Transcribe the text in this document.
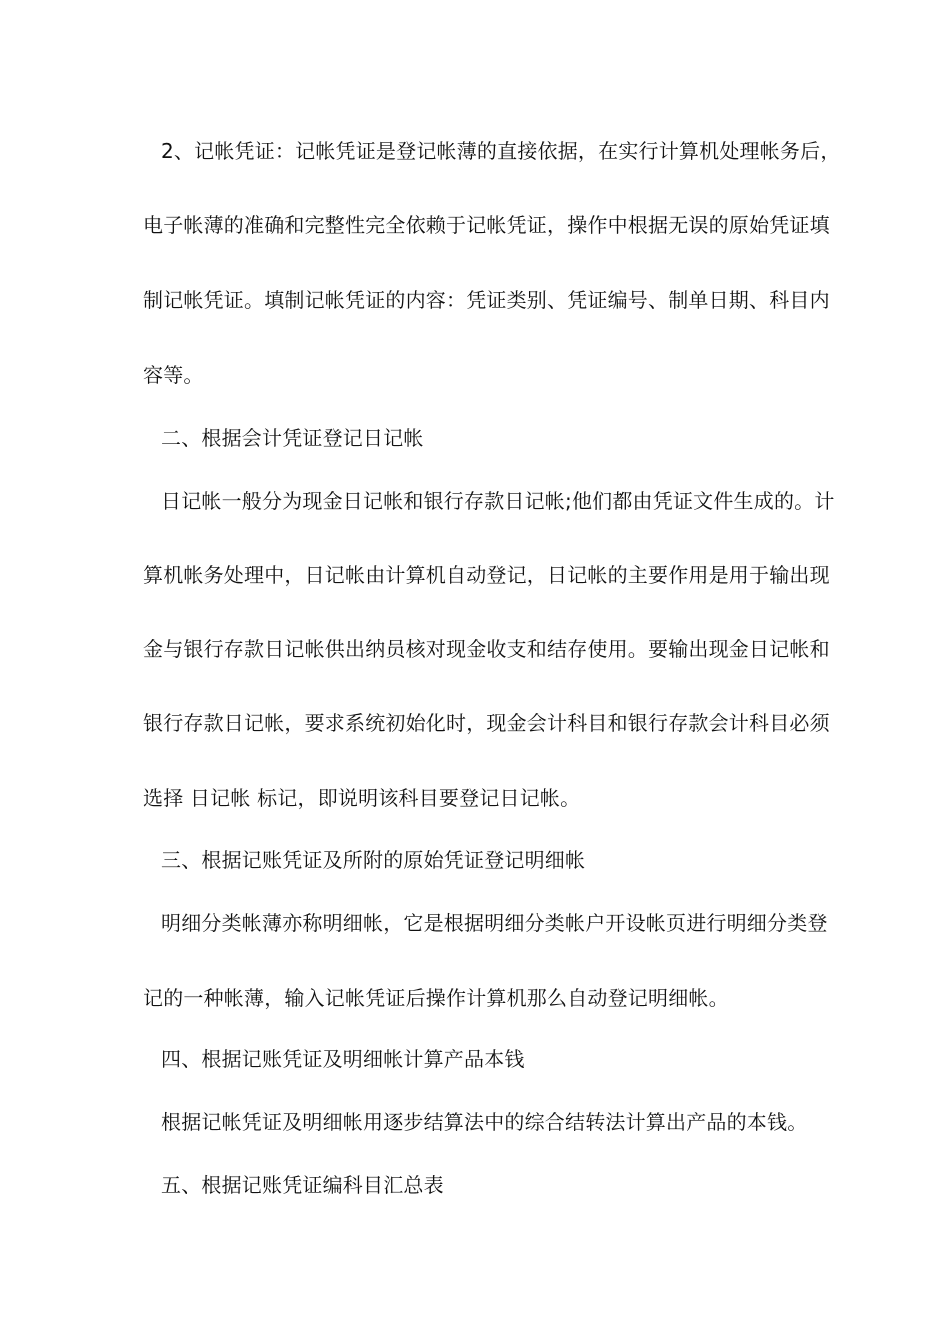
2、记帐凭证：记帐凭证是登记帐薄的直接依据，在实行计算机处理帐务后，
电子帐薄的准确和完整性完全依赖于记帐凭证，操作中根据无误的原始凭证填
制记帐凭证。填制记帐凭证的内容：凭证类别、凭证编号、制单日期、科目内
容等。
二、根据会计凭证登记日记帐
日记帐一般分为现金日记帐和银行存款日记帐;他们都由凭证文件生成的。计
算机帐务处理中，日记帐由计算机自动登记，日记帐的主要作用是用于输出现
金与银行存款日记帐供出纳员核对现金收支和结存使用。要输出现金日记帐和
银行存款日记帐，要求系统初始化时，现金会计科目和银行存款会计科目必须
选择 日记帐 标记，即说明该科目要登记日记帐。
三、根据记账凭证及所附的原始凭证登记明细帐
明细分类帐薄亦称明细帐，它是根据明细分类帐户开设帐页进行明细分类登
记的一种帐薄，输入记帐凭证后操作计算机那么自动登记明细帐。
四、根据记账凭证及明细帐计算产品本钱
根据记帐凭证及明细帐用逐步结算法中的综合结转法计算出产品的本钱。
五、根据记账凭证编科目汇总表
